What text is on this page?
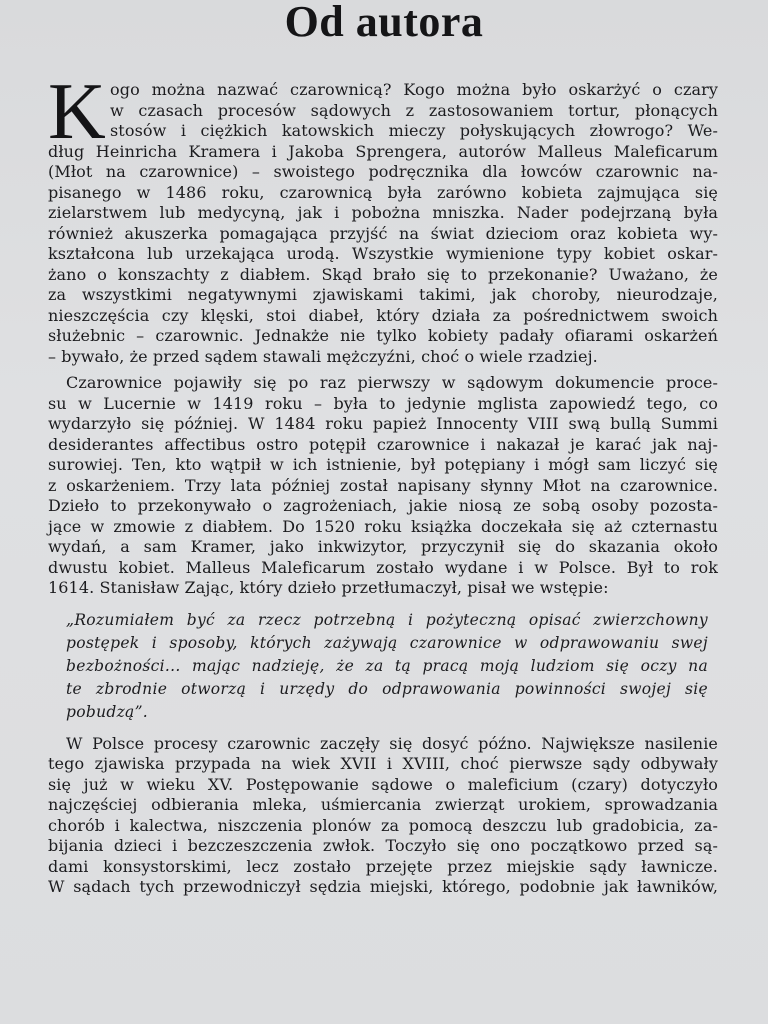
Od autora
K ogo można nazwać czarownicą? Kogo można było oskarżyć o czary
w czasach procesów sądowych z zastosowaniem tortur, płonących
stosów i ciężkich katowskich mieczy połyskujących złowrogo? We-
dług Heinricha Kramera i Jakoba Sprengera, autorów Malleus Maleficarum
(Młot na czarownice) – swoistego podręcznika dla łowców czarownic na-
pisanego w 1486 roku, czarownicą była zarówno kobieta zajmująca się
zielarstwem lub medycyną, jak i pobożna mniszka. Nader podejrzaną była
również akuszerka pomagająca przyjść na świat dzieciom oraz kobieta wy-
kształcona lub urzekająca urodą. Wszystkie wymienione typy kobiet oskar-
żano o konszachty z diabłem. Skąd brało się to przekonanie? Uważano, że
za wszystkimi negatywnymi zjawiskami takimi, jak choroby, nieurodzaje,
nieszczęścia czy klęski, stoi diabeł, który działa za pośrednictwem swoich
służebnic – czarownic. Jednakże nie tylko kobiety padały ofiarami oskarżeń
– bywało, że przed sądem stawali mężczyźni, choć o wiele rzadziej.
Czarownice pojawiły się po raz pierwszy w sądowym dokumencie proce-
su w Lucernie w 1419 roku – była to jedynie mglista zapowiedź tego, co
wydarzyło się później. W 1484 roku papież Innocenty VIII swą bullą Summi
desiderantes affectibus ostro potępił czarownice i nakazał je karać jak naj-
surowiej. Ten, kto wątpił w ich istnienie, był potępiany i mógł sam liczyć się
z oskarżeniem. Trzy lata później został napisany słynny Młot na czarownice.
Dzieło to przekonywało o zagrożeniach, jakie niosą ze sobą osoby pozosta-
jące w zmowie z diabłem. Do 1520 roku książka doczekała się aż czternastu
wydań, a sam Kramer, jako inkwizytor, przyczynił się do skazania około
dwustu kobiet. Malleus Maleficarum zostało wydane i w Polsce. Był to rok
1614. Stanisław Zając, który dzieło przetłumaczył, pisał we wstępie:
„Rozumiałem być za rzecz potrzebną i pożyteczną opisać zwierzchowny
postępek i sposoby, których zażywają czarownice w odprawowaniu swej
bezbożności... mając nadzieję, że za tą pracą moją ludziom się oczy na
te zbrodnie otworzą i urzędy do odprawowania powinności swojej się
pobudzą”.
W Polsce procesy czarownic zaczęły się dosyć późno. Największe nasilenie
tego zjawiska przypada na wiek XVII i XVIII, choć pierwsze sądy odbywały
się już w wieku XV. Postępowanie sądowe o maleficium (czary) dotyczyło
najczęściej odbierania mleka, uśmiercania zwierząt urokiem, sprowadzania
chorób i kalectwa, niszczenia plonów za pomocą deszczu lub gradobicia, za-
bijania dzieci i bezczeszczenia zwłok. Toczyło się ono początkowo przed są-
dami konsystorskimi, lecz zostało przejęte przez miejskie sądy ławnicze.
W sądach tych przewodniczył sędzia miejski, którego, podobnie jak ławników,
